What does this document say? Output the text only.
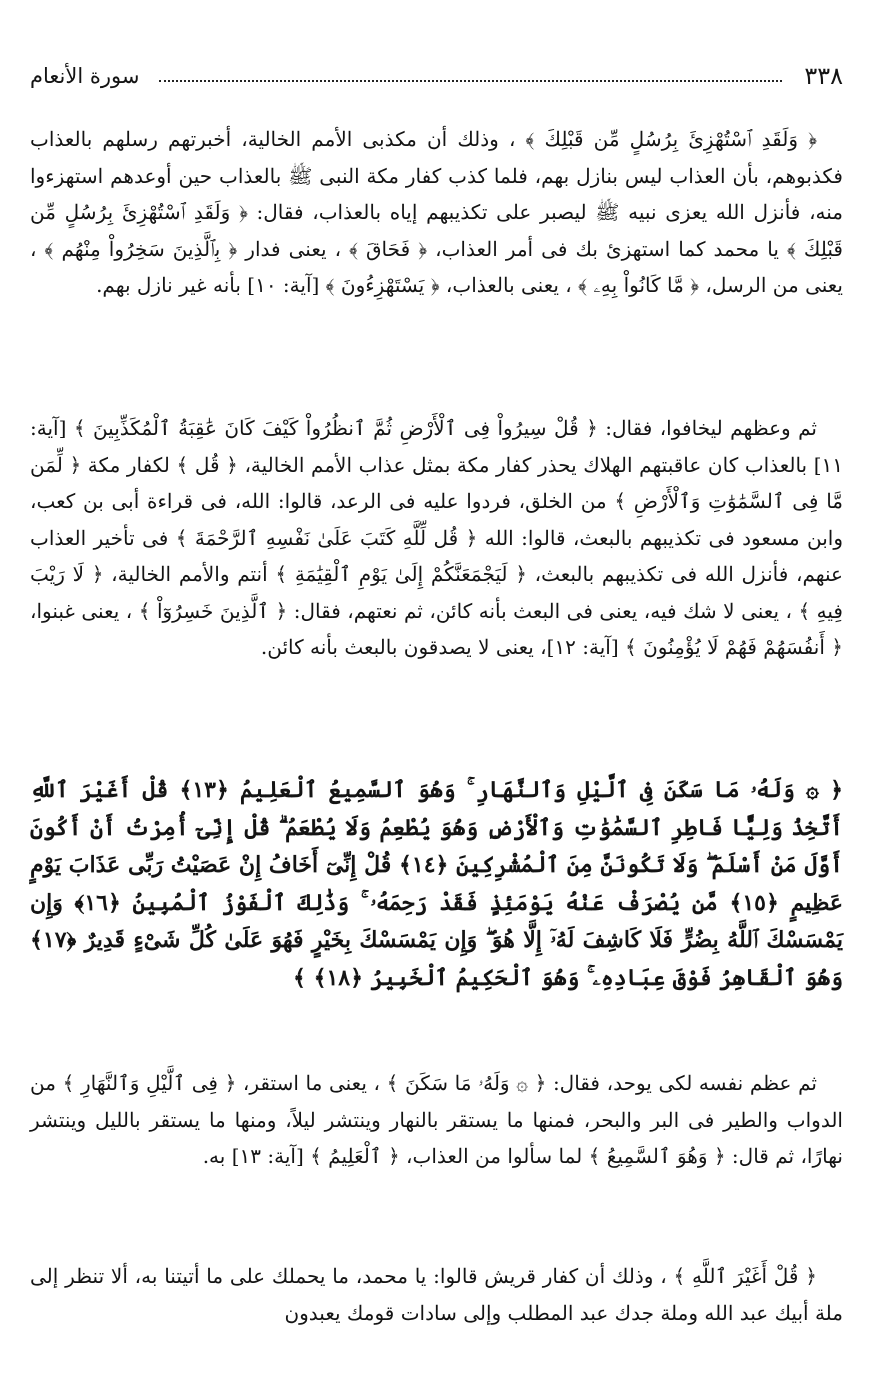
٣٣٨
سورة الأنعام

﴿ وَلَقَدِ ٱسْتُهْزِئَ بِرُسُلٍ مِّن قَبْلِكَ ﴾ ، وذلك أن مكذبى الأمم الخالية، أخبرتهم رسلهم بالعذاب فكذبوهم، بأن العذاب ليس بنازل بهم، فلما كذب كفار مكة النبى ﷺ بالعذاب حين أوعدهم استهزءوا منه، فأنزل الله يعزى نبيه ﷺ ليصبر على تكذيبهم إياه بالعذاب، فقال: ﴿ وَلَقَدِ ٱسْتُهْزِئَ بِرُسُلٍ مِّن قَبْلِكَ ﴾ يا محمد كما استهزئ بك فى أمر العذاب، ﴿ فَحَاقَ ﴾ ، يعنى فدار ﴿ بِٱلَّذِينَ سَخِرُواْ مِنْهُم ﴾ ، يعنى من الرسل، ﴿ مَّا كَانُواْ بِهِۦ ﴾ ، يعنى بالعذاب، ﴿ يَسْتَهْزِءُونَ ﴾ [آية: ١٠] بأنه غير نازل بهم.

ثم وعظهم ليخافوا، فقال: ﴿ قُلْ سِيرُواْ فِى ٱلْأَرْضِ ثُمَّ ٱنظُرُواْ كَيْفَ كَانَ عَٰقِبَةُ ٱلْمُكَذِّبِينَ ﴾ [آية: ١١] بالعذاب كان عاقبتهم الهلاك يحذر كفار مكة بمثل عذاب الأمم الخالية، ﴿ قُل ﴾ لكفار مكة ﴿ لِّمَن مَّا فِى ٱلسَّمَٰوَٰتِ وَٱلْأَرْضِ ﴾ من الخلق، فردوا عليه فى الرعد، قالوا: الله، فى قراءة أبى بن كعب، وابن مسعود فى تكذيبهم بالبعث، قالوا: الله ﴿ قُل لِّلَّهِ كَتَبَ عَلَىٰ نَفْسِهِ ٱلرَّحْمَةَ ﴾ فى تأخير العذاب عنهم، فأنزل الله فى تكذيبهم بالبعث، ﴿ لَيَجْمَعَنَّكُمْ إِلَىٰ يَوْمِ ٱلْقِيَٰمَةِ ﴾ أنتم والأمم الخالية، ﴿ لَا رَيْبَ فِيهِ ﴾ ، يعنى لا شك فيه، يعنى فى البعث بأنه كائن، ثم نعتهم، فقال: ﴿ ٱلَّذِينَ خَسِرُوٓاْ ﴾ ، يعنى غبنوا، ﴿ أَنفُسَهُمْ فَهُمْ لَا يُؤْمِنُونَ ﴾ [آية: ١٢]، يعنى لا يصدقون بالبعث بأنه كائن.

﴿ ۞ وَلَهُۥ مَا سَكَنَ فِى ٱلَّيْلِ وَٱلنَّهَارِ ۚ وَهُوَ ٱلسَّمِيعُ ٱلْعَلِيمُ ﴿١٣﴾ قُلْ أَغَيْرَ ٱللَّهِ أَتَّخِذُ وَلِيًّا فَاطِرِ ٱلسَّمَٰوَٰتِ وَٱلْأَرْضِ وَهُوَ يُطْعِمُ وَلَا يُطْعَمُ ۗ قُلْ إِنِّىٓ أُمِرْتُ أَنْ أَكُونَ أَوَّلَ مَنْ أَسْلَمَ ۖ وَلَا تَكُونَنَّ مِنَ ٱلْمُشْرِكِينَ ﴿١٤﴾ قُلْ إِنِّىٓ أَخَافُ إِنْ عَصَيْتُ رَبِّى عَذَابَ يَوْمٍ عَظِيمٍ ﴿١٥﴾ مَّن يُصْرَفْ عَنْهُ يَوْمَئِذٍ فَقَدْ رَحِمَهُۥ ۚ وَذَٰلِكَ ٱلْفَوْزُ ٱلْمُبِينُ ﴿١٦﴾ وَإِن يَمْسَسْكَ ٱللَّهُ بِضُرٍّ فَلَا كَاشِفَ لَهُۥٓ إِلَّا هُوَ ۖ وَإِن يَمْسَسْكَ بِخَيْرٍ فَهُوَ عَلَىٰ كُلِّ شَىْءٍ قَدِيرٌ ﴿١٧﴾ وَهُوَ ٱلْقَاهِرُ فَوْقَ عِبَادِهِۦ ۚ وَهُوَ ٱلْحَكِيمُ ٱلْخَبِيرُ ﴿١٨﴾ ﴾

ثم عظم نفسه لكى يوحد، فقال: ﴿ ۞ وَلَهُۥ مَا سَكَنَ ﴾ ، يعنى ما استقر، ﴿ فِى ٱلَّيْلِ وَٱلنَّهَارِ ﴾ من الدواب والطير فى البر والبحر، فمنها ما يستقر بالنهار وينتشر ليلاً، ومنها ما يستقر بالليل وينتشر نهارًا، ثم قال: ﴿ وَهُوَ ٱلسَّمِيعُ ﴾ لما سألوا من العذاب، ﴿ ٱلْعَلِيمُ ﴾ [آية: ١٣] به.

﴿ قُلْ أَغَيْرَ ٱللَّهِ ﴾ ، وذلك أن كفار قريش قالوا: يا محمد، ما يحملك على ما أتيتنا به، ألا تنظر إلى ملة أبيك عبد الله وملة جدك عبد المطلب وإلى سادات قومك يعبدون
